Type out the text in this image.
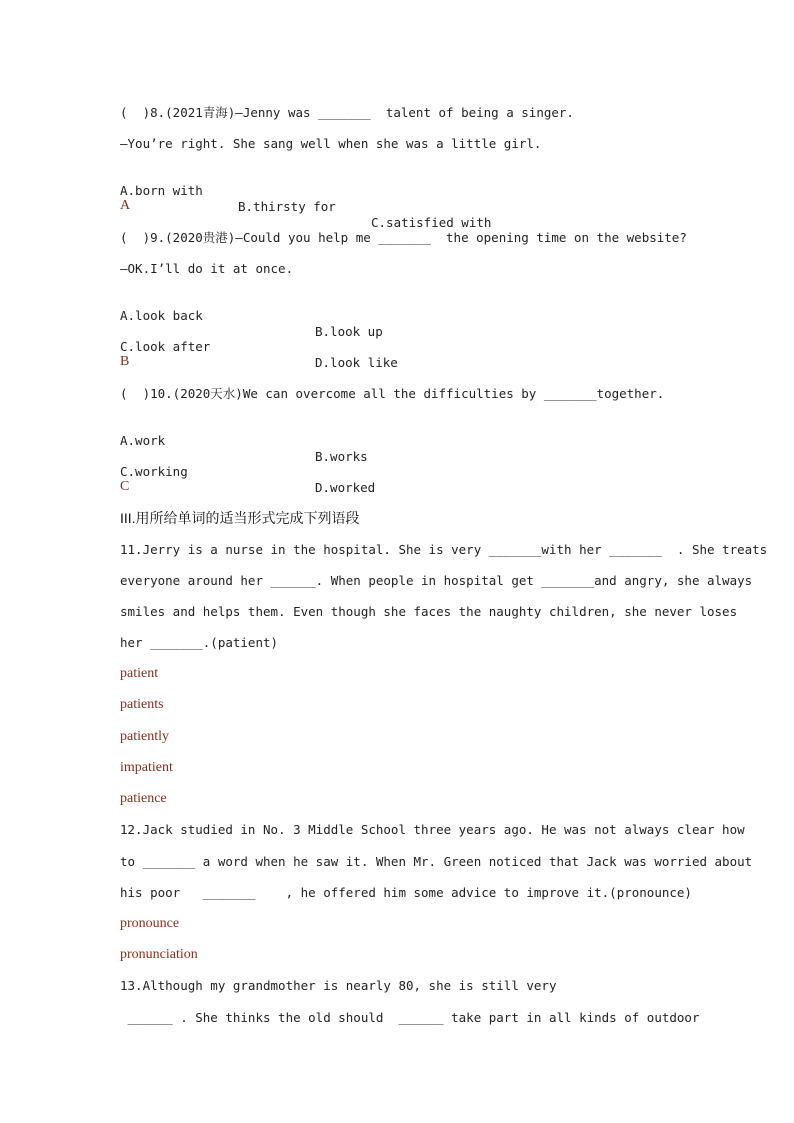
(  )8.(2021青海)—Jenny was _______  talent of being a singer.
—You’re right. She sang well when she was a little girl.

A.born with

B.thirsty for

C.satisfied with

A
(  )9.(2020贵港)—Could you help me _______  the opening time on the website?
—OK.I’ll do it at once.

A.look back

B.look up

C.look after

D.look like

B
(  )10.(2020天水)We can overcome all the difficulties by _______together.

A.work

B.works

C.working

D.worked

C
III.用所给单词的适当形式完成下列语段
11.Jerry is a nurse in the hospital. She is very _______with her _______  . She treats
everyone around her ______. When people in hospital get _______and angry, she always
smiles and helps them. Even though she faces the naughty children, she never loses
her _______.(patient)
patient
patients
patiently
impatient
patience
12.Jack studied in No. 3 Middle School three years ago. He was not always clear how
to _______ a word when he saw it. When Mr. Green noticed that Jack was worried about
his poor   _______    , he offered him some advice to improve it.(pronounce)
pronounce
pronunciation
13.Although my grandmother is nearly 80, she is still very
______ . She thinks the old should  ______ take part in all kinds of outdoor
